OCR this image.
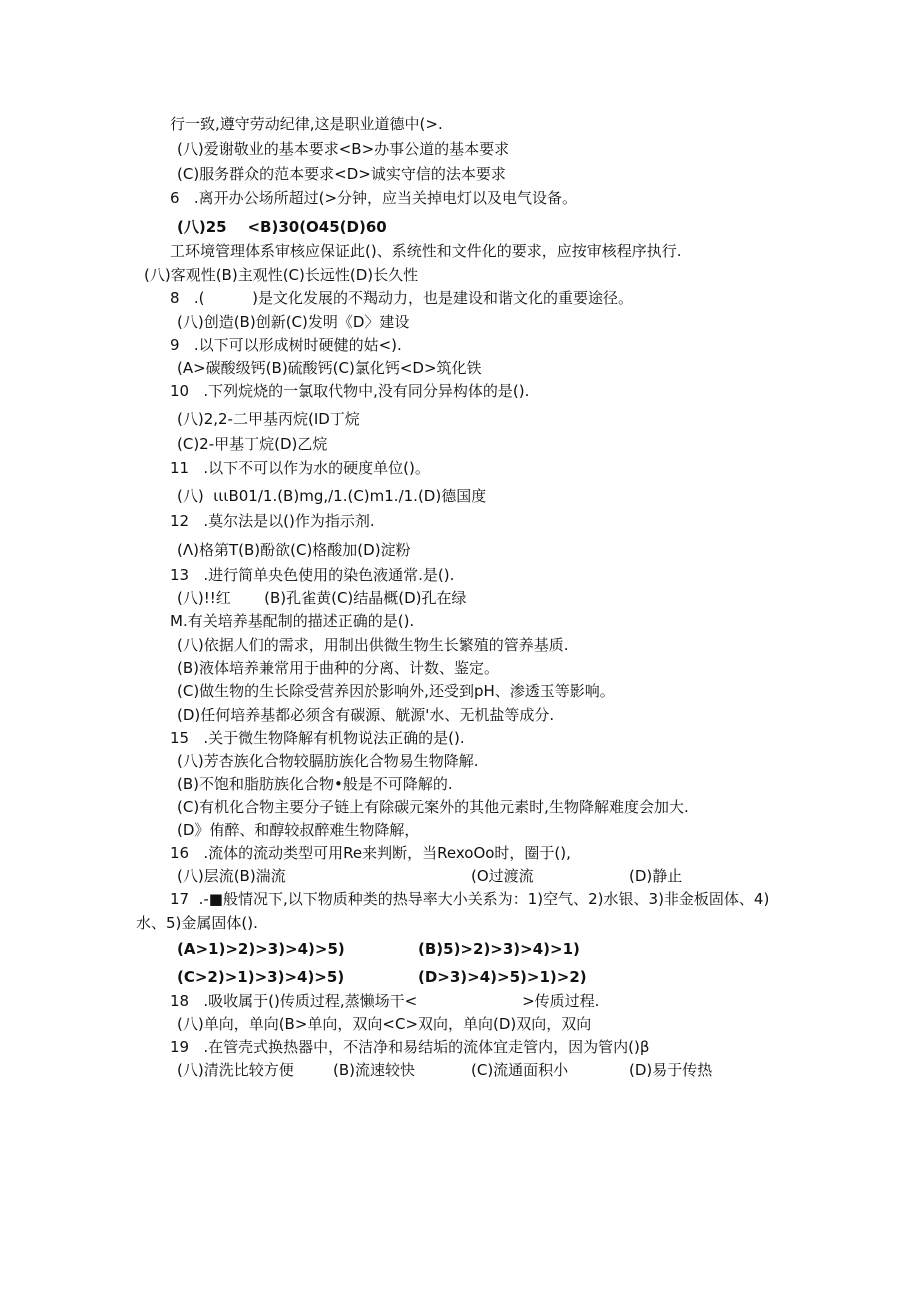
行一致,遵守劳动纪律,这是职业道德中(>.
(八)爱谢敬业的基本要求<B>办事公道的基本要求
(C)服务群众的范本要求<D>诚实守信的法本要求
6   .离开办公场所超过(>分钟，应当关掉电灯以及电气设备。
(八)25    <B)30(O45(D)60
工环境管理体系审核应保证此()、系统性和文件化的要求，应按审核程序执行.
(八)客观性(B)主观性(C)长远性(D)长久性
8   .(          )是文化发展的不羯动力，也是建设和谐文化的重要途径。
(八)创造(B)创新(C)发明《D〉建设
9   .以下可以形成树时硬健的姑<).
(A>碳酸级钙(B)硫酸钙(C)氯化钙<D>筑化铁
10   .下列烷烧的一氯取代物中,没有同分异构体的是().
(八)2,2-二甲基丙烷(ID丁烷
(C)2-甲基丁烷(D)乙烷
11   .以下不可以作为水的硬度单位()。
(八)  ιιιB01/1.(B)mg,/1.(C)m1./1.(D)德国度
12   .莫尔法是以()作为指示剂.
(Λ)格第T(B)酚欲(C)格酸加(D)淀粉
13   .进行简单央色使用的染色液通常.是().
(八)!!红       (B)孔雀黄(C)结晶概(D)孔在绿
M.有关培养基配制的描述正确的是().
(八)依据人们的需求，用制出供微生物生长繁殖的管养基质.
(B)液体培养兼常用于曲种的分离、计数、鉴定。
(C)做生物的生长除受营养因於影响外,还受到pH、渗透玉等影响。
(D)任何培养基都必须含有碳源、觥源'水、无机盐等成分.
15   .关于微生物降解有机物说法正确的是().
(八)芳杏族化合物较膈肪族化合物易生物降解.
(B)不饱和脂肪族化合物•般是不可降解的.
(C)有机化合物主要分子链上有除碳元案外的其他元素时,生物降解难度会加大.
(D》侑醉、和醇较叔醉难生物降解，
16   .流体的流动类型可用Re来判断，当RexoOo时，圈于(),
(八)层流(B)湍流	(O过渡流	(D)静止
17  .-■般情况下,以下物质种类的热导率大小关系为：1)空气、2)水银、3)非金板固体、4)
水、5)金属固体().
(A>1)>2)>3)>4)>5)	(B)5)>2)>3)>4)>1)
(C>2)>1)>3)>4)>5)	(D>3)>4)>5)>1)>2)
18   .吸收属于()传质过程,蒸懒场干<                      >传质过程.
(八)单向，单向(B>单向，双向<C>双向，单向(D)双向，双向
19   .在管壳式换热器中，不洁净和易结垢的流体宜走管内，因为管内()β
(八)清洗比较方便	(B)流速较快	(C)流通面积小	(D)易于传热
